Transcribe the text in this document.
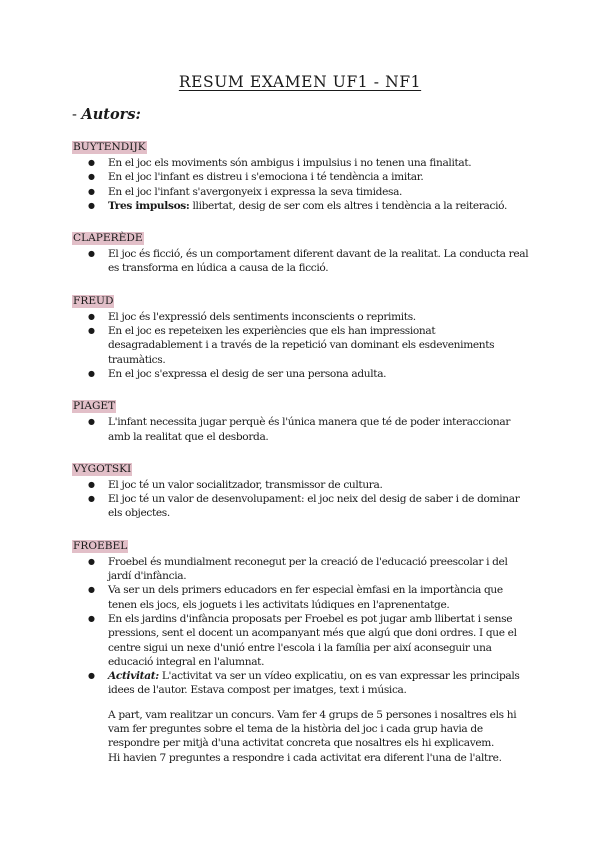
RESUM EXAMEN UF1 - NF1
- Autors:
BUYTENDIJK
● En el joc els moviments són ambigus i impulsius i no tenen una finalitat.
● En el joc l'infant es distreu i s'emociona i té tendència a imitar.
● En el joc l'infant s'avergonyeix i expressa la seva timidesa.
● Tres impulsos: llibertat, desig de ser com els altres i tendència a la reiteració.
CLAPERÈDE
● El joc és ficció, és un comportament diferent davant de la realitat. La conducta real es transforma en lúdica a causa de la ficció.
FREUD
● El joc és l'expressió dels sentiments inconscients o reprimits.
● En el joc es repeteixen les experiències que els han impressionat desagradablement i a través de la repetició van dominant els esdeveniments traumàtics.
● En el joc s'expressa el desig de ser una persona adulta.
PIAGET
● L'infant necessita jugar perquè és l'única manera que té de poder interaccionar amb la realitat que el desborda.
VYGOTSKI
● El joc té un valor socialitzador, transmissor de cultura.
● El joc té un valor de desenvolupament: el joc neix del desig de saber i de dominar els objectes.
FROEBEL
● Froebel és mundialment reconegut per la creació de l'educació preescolar i del jardí d'infància.
● Va ser un dels primers educadors en fer especial èmfasi en la importància que tenen els jocs, els joguets i les activitats lúdiques en l'aprenentatge.
● En els jardins d'infància proposats per Froebel es pot jugar amb llibertat i sense pressions, sent el docent un acompanyant més que algú que doni ordres. I que el centre sigui un nexe d'unió entre l'escola i la família per així aconseguir una educació integral en l'alumnat.
● Activitat: L'activitat va ser un vídeo explicatiu, on es van expressar les principals idees de l'autor. Estava compost per imatges, text i música.
A part, vam realitzar un concurs. Vam fer 4 grups de 5 persones i nosaltres els hi vam fer preguntes sobre el tema de la història del joc i cada grup havia de respondre per mitjà d'una activitat concreta que nosaltres els hi explicavem.
Hi havien 7 preguntes a respondre i cada activitat era diferent l'una de l'altre.
